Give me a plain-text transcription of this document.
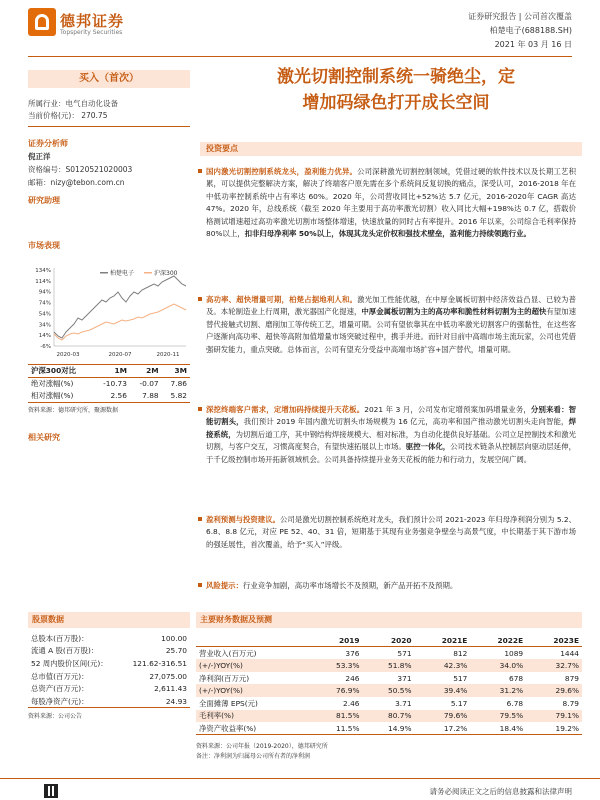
德邦证券
Topsperity Securities
证券研究报告 | 公司首次覆盖
柏楚电子(688188.SH)
2021 年 03 月 16 日
买入（首次）	激光切割控制系统一骑绝尘，定
增加码绿色打开成长空间
所属行业：电气自动化设备
当前价格(元)： 270.75
证券分析师
倪正洋
资格编号：S0120521020003
邮箱：nizy@tebon.com.cn
研究助理
市场表现
134%
114%
94%
74%
54%
34%
14%
-6%
柏楚电子	沪深300
2020-03	2020-07	2020-11
沪深300对比	1M	2M	3M
绝对涨幅(%)	-10.73	-0.07	7.86
相对涨幅(%)	2.56	7.88	5.82
资料来源：德邦研究所，聚源数据
相关研究
投资要点
国内激光切割控制系统龙头，盈利能力优异。公司深耕激光切割控制领域，凭借过硬的软件技术以及长期工艺积累，可以提供完整解决方案，解决了终端客户原先需在多个系统间反复切换的痛点，深受认可，2016-2018 年在中低功率控制系统中占有率达 60%。2020 年，公司营收同比+52%达 5.7 亿元，2016-2020年 CAGR 高达 47%。2020 年，总线系统（截至 2020 年主要用于高功率激光切割）收入同比大幅+198%达 0.7 亿，搭载价格测试增速超过高功率激光切割市场整体增速，快速放量的同时占有率提升。2016 年以来，公司综合毛利率保持 80%以上，扣非归母净利率 50%以上，体现其龙头定价权和强技术壁垒，盈利能力持续领跑行业。
高功率、超快增量可期，柏楚占据地利人和。激光加工性能优越，在中厚金属板切割中经济效益凸显、已较为普及。本轮制造业上行周期，激光器国产化提速，中厚金属板切割为主的高功率和脆性材料切割为主的超快有望加速替代接触式切割、磨削加工等传统工艺，增量可期。公司有望依靠其在中低功率激光切割客户的强黏性，在这些客户逐渐向高功率、超快等高附加值增量市场突破过程中，携手并进。而针对目前中高端市场主流玩家，公司也凭借强研发能力，重点突破。总体而言，公司有望充分受益中高端市场扩容+国产替代，增量可期。
深挖终端客户需求，定增加码持续提升天花板。2021 年 3 月，公司发布定增预案加码增量业务，分别来看：智能切割头，我们预计 2019 年国内激光切割头市场规模为 16 亿元，高功率和国产推动激光切割头走向智能，焊接系统，为切割后道工序，其中钢结构焊接规模大、相对标准，为自动化提供良好基础。公司立足控制技术和激光切割，与客户交互，习惯高度契合，有望快速拓展以上市场。驱控一体化，公司技术链条从控制层向驱动层延伸，于千亿级控制市场开拓新领域机会。公司具备持续提升业务天花板的能力和行动力，发展空间广阔。
盈利预测与投资建议。公司是激光切割控制系统绝对龙头，我们预计公司 2021-2023 年归母净利润分别为 5.2、6.8、8.8 亿元，对应 PE 52、40、31 倍，短期基于其现有业务强竞争壁垒与高景气度，中长期基于其下游市场的强延展性，首次覆盖，给予“买入”评级。
风险提示：行业竞争加剧，高功率市场增长不及预期，新产品开拓不及预期。
股票数据
总股本(百万股)：	100.00
流通 A 股(百万股)：	25.70
52 周内股价区间(元)：	121.62-316.51
总市值(百万元)：	27,075.00
总资产(百万元)：	2,611.43
每股净资产(元)：	24.93
资料来源：公司公告
主要财务数据及预测
	2019	2020	2021E	2022E	2023E
营业收入(百万元)	376	571	812	1089	1444
(+/-)YOY(%)	53.3%	51.8%	42.3%	34.0%	32.7%
净利润(百万元)	246	371	517	678	879
(+/-)YOY(%)	76.9%	50.5%	39.4%	31.2%	29.6%
全面摊薄 EPS(元)	2.46	3.71	5.17	6.78	8.79
毛利率(%)	81.5%	80.7%	79.6%	79.5%	79.1%
净资产收益率(%)	11.5%	14.9%	17.2%	18.4%	19.2%
资料来源：公司年报（2019-2020），德邦研究所
备注：净利润为归属母公司所有者的净利润
请务必阅读正文之后的信息披露和法律声明
